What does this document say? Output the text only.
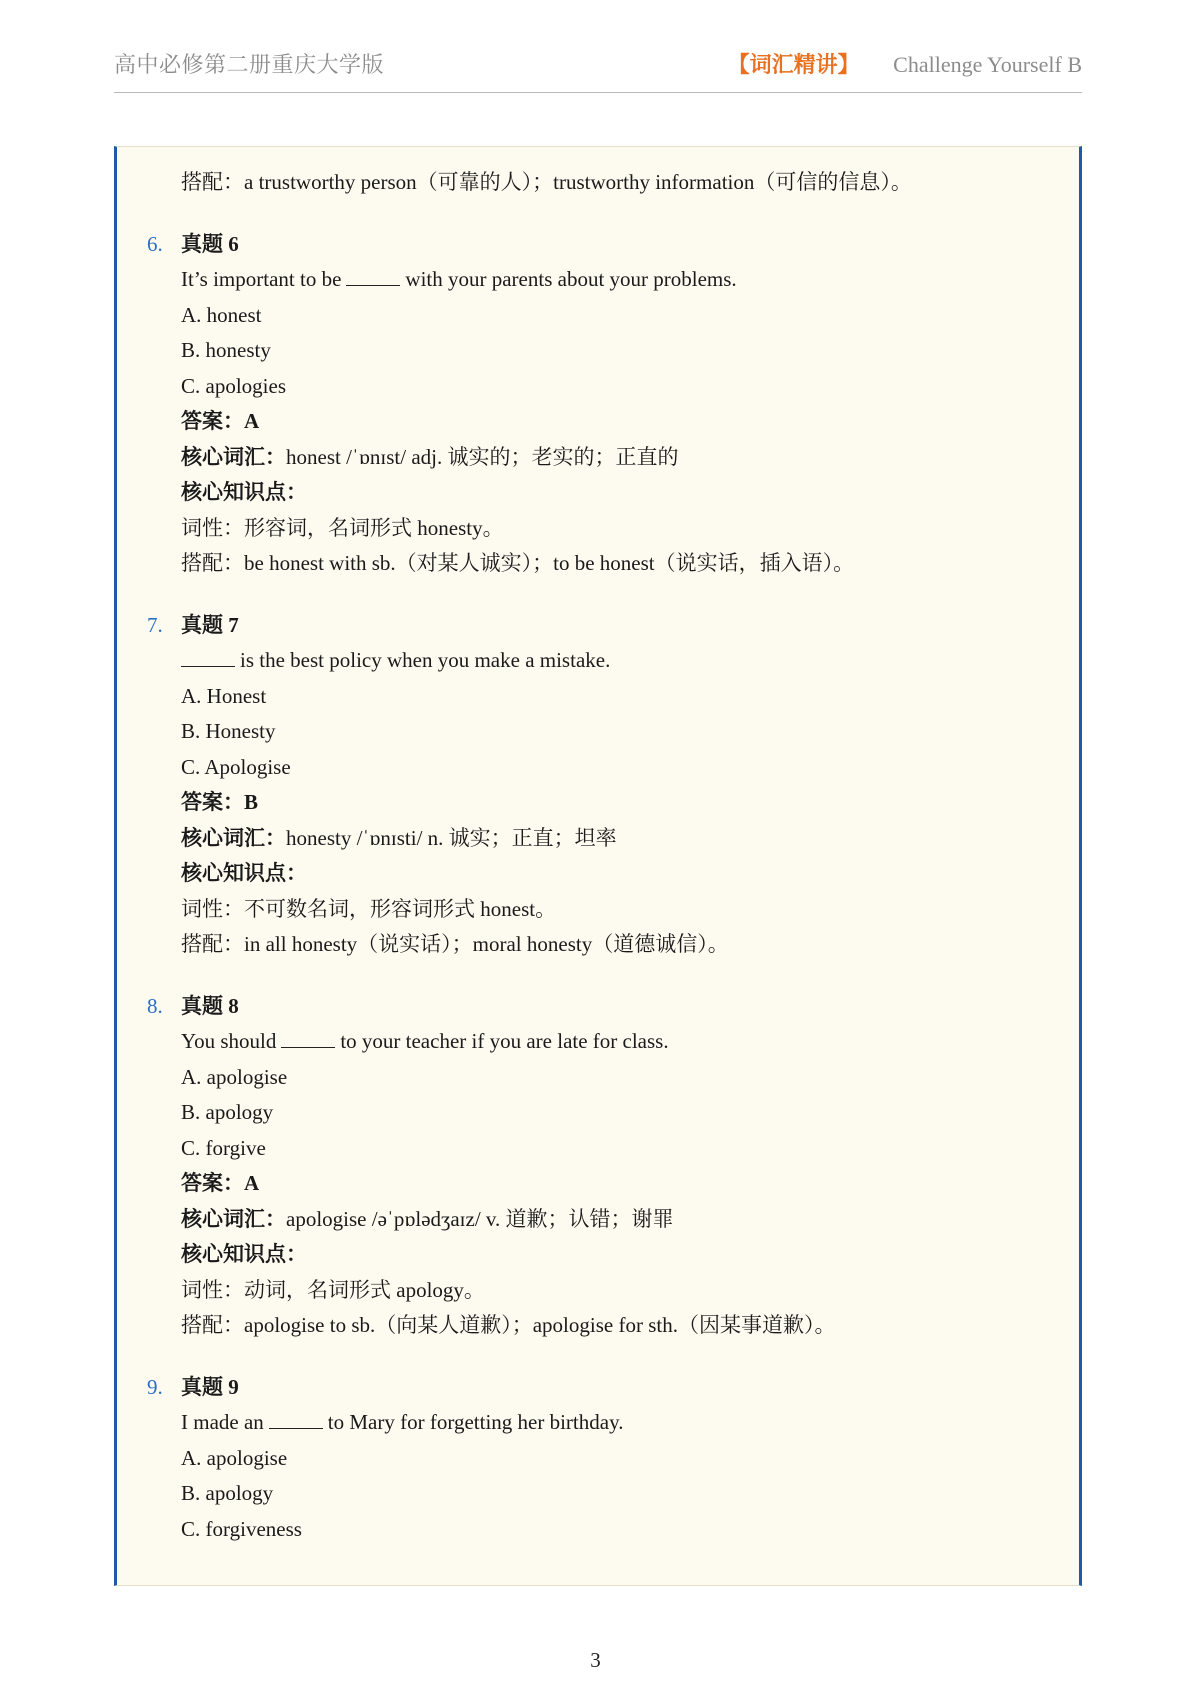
高中必修第二册重庆大学版	【词汇精讲】 Challenge Yourself B
搭配：a trustworthy person（可靠的人）；trustworthy information（可信的信息）。
6. 真题 6
It’s important to be	with your parents about your problems.
A. honest
B. honesty
C. apologies
答案：A
核心词汇：honest /ˈɒnɪst/ adj. 诚实的；老实的；正直的
核心知识点：
词性：形容词，名词形式 honesty。
搭配：be honest with sb.（对某人诚实）；to be honest（说实话，插入语）。
7. 真题 7
is the best policy when you make a mistake.
A. Honest
B. Honesty
C. Apologise
答案：B
核心词汇：honesty /ˈɒnɪsti/ n. 诚实；正直；坦率
核心知识点：
词性：不可数名词，形容词形式 honest。
搭配：in all honesty（说实话）；moral honesty（道德诚信）。
8. 真题 8
You should	to your teacher if you are late for class.
A. apologise
B. apology
C. forgive
答案：A
核心词汇：apologise /əˈpɒlədʒaɪz/ v. 道歉；认错；谢罪
核心知识点：
词性：动词，名词形式 apology。
搭配：apologise to sb.（向某人道歉）；apologise for sth.（因某事道歉）。
9. 真题 9
I made an	to Mary for forgetting her birthday.
A. apologise
B. apology
C. forgiveness
3
